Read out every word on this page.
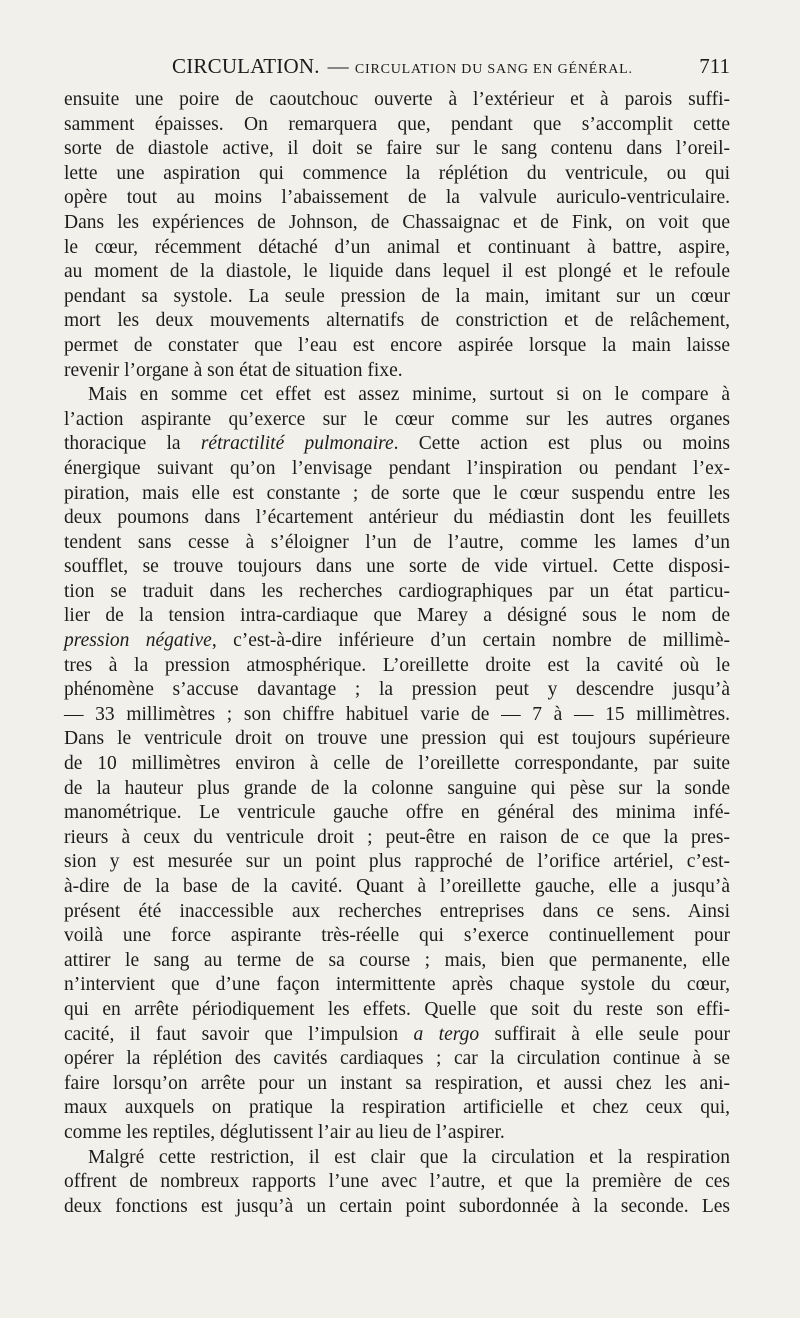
CIRCULATION. — CIRCULATION DU SANG EN GÉNÉRAL.	711
ensuite une poire de caoutchouc ouverte à l’extérieur et à parois suffi-
samment épaisses. On remarquera que, pendant que s’accomplit cette
sorte de diastole active, il doit se faire sur le sang contenu dans l’oreil-
lette une aspiration qui commence la réplétion du ventricule, ou qui
opère tout au moins l’abaissement de la valvule auriculo-ventriculaire.
Dans les expériences de Johnson, de Chassaignac et de Fink, on voit que
le cœur, récemment détaché d’un animal et continuant à battre, aspire,
au moment de la diastole, le liquide dans lequel il est plongé et le refoule
pendant sa systole. La seule pression de la main, imitant sur un cœur
mort les deux mouvements alternatifs de constriction et de relâchement,
permet de constater que l’eau est encore aspirée lorsque la main laisse
revenir l’organe à son état de situation fixe.
Mais en somme cet effet est assez minime, surtout si on le compare à
l’action aspirante qu’exerce sur le cœur comme sur les autres organes
thoracique la rétractilité pulmonaire. Cette action est plus ou moins
énergique suivant qu’on l’envisage pendant l’inspiration ou pendant l’ex-
piration, mais elle est constante ; de sorte que le cœur suspendu entre les
deux poumons dans l’écartement antérieur du médiastin dont les feuillets
tendent sans cesse à s’éloigner l’un de l’autre, comme les lames d’un
soufflet, se trouve toujours dans une sorte de vide virtuel. Cette disposi-
tion se traduit dans les recherches cardiographiques par un état particu-
lier de la tension intra-cardiaque que Marey a désigné sous le nom de
pression négative, c’est-à-dire inférieure d’un certain nombre de millimè-
tres à la pression atmosphérique. L’oreillette droite est la cavité où le
phénomène s’accuse davantage ; la pression peut y descendre jusqu’à
— 33 millimètres ; son chiffre habituel varie de — 7 à — 15 millimètres.
Dans le ventricule droit on trouve une pression qui est toujours supérieure
de 10 millimètres environ à celle de l’oreillette correspondante, par suite
de la hauteur plus grande de la colonne sanguine qui pèse sur la sonde
manométrique. Le ventricule gauche offre en général des minima infé-
rieurs à ceux du ventricule droit ; peut-être en raison de ce que la pres-
sion y est mesurée sur un point plus rapproché de l’orifice artériel, c’est-
à-dire de la base de la cavité. Quant à l’oreillette gauche, elle a jusqu’à
présent été inaccessible aux recherches entreprises dans ce sens. Ainsi
voilà une force aspirante très-réelle qui s’exerce continuellement pour
attirer le sang au terme de sa course ; mais, bien que permanente, elle
n’intervient que d’une façon intermittente après chaque systole du cœur,
qui en arrête périodiquement les effets. Quelle que soit du reste son effi-
cacité, il faut savoir que l’impulsion a tergo suffirait à elle seule pour
opérer la réplétion des cavités cardiaques ; car la circulation continue à se
faire lorsqu’on arrête pour un instant sa respiration, et aussi chez les ani-
maux auxquels on pratique la respiration artificielle et chez ceux qui,
comme les reptiles, déglutissent l’air au lieu de l’aspirer.
Malgré cette restriction, il est clair que la circulation et la respiration
offrent de nombreux rapports l’une avec l’autre, et que la première de ces
deux fonctions est jusqu’à un certain point subordonnée à la seconde. Les
